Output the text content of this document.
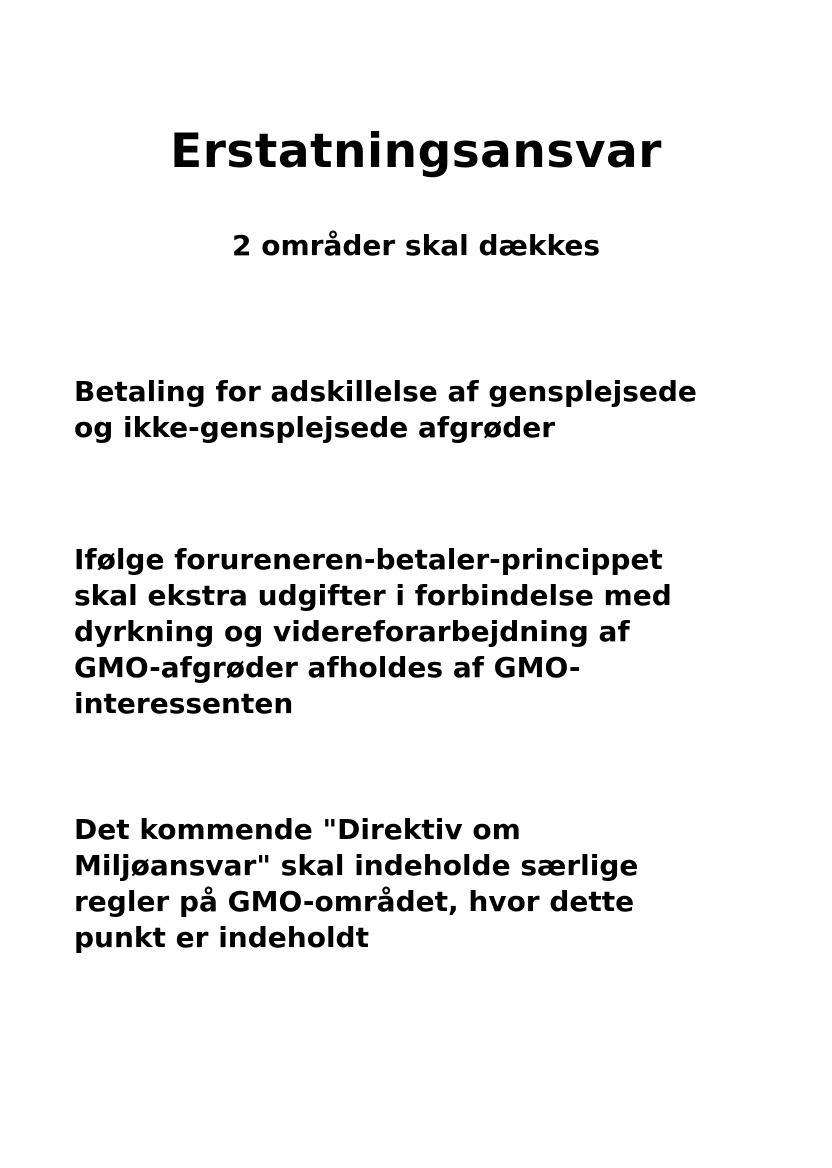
Erstatningsansvar
2 områder skal dækkes

Betaling for adskillelse af gensplejsede
og ikke-gensplejsede afgrøder

Ifølge forureneren-betaler-princippet
skal ekstra udgifter i forbindelse med
dyrkning og videreforarbejdning af
GMO-afgrøder afholdes af GMO-
interessenten

Det kommende "Direktiv om
Miljøansvar" skal indeholde særlige
regler på GMO-området, hvor dette
punkt er indeholdt
